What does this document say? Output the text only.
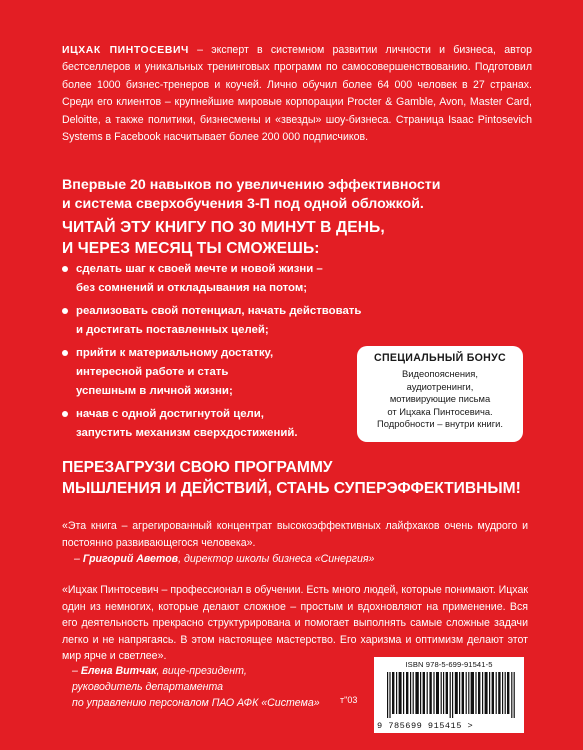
ИЦХАК ПИНТОСЕВИЧ – эксперт в системном развитии личности и бизнеса, автор бестселлеров и уникальных тренинговых программ по самосовершенствованию. Подготовил более 1000 бизнес-тренеров и коучей. Лично обучил более 64 000 человек в 27 странах. Среди его клиентов – крупнейшие мировые корпорации Procter & Gamble, Avon, Master Card, Deloitte, а также политики, бизнесмены и «звезды» шоу-бизнеса. Страница Isaac Pintosevich Systems в Facebook насчитывает более 200 000 подписчиков.
Впервые 20 навыков по увеличению эффективности
и система сверхобучения 3-П под одной обложкой.
ЧИТАЙ ЭТУ КНИГУ ПО 30 МИНУТ В ДЕНЬ,
И ЧЕРЕЗ МЕСЯЦ ТЫ СМОЖЕШЬ:
сделать шаг к своей мечте и новой жизни –
без сомнений и откладывания на потом;
реализовать свой потенциал, начать действовать
и достигать поставленных целей;
прийти к материальному достатку,
интересной работе и стать
успешным в личной жизни;
начав с одной достигнутой цели,
запустить механизм сверхдостижений.
СПЕЦИАЛЬНЫЙ БОНУС
Видеопояснения,
аудиотренинги,
мотивирующие письма
от Ицхака Пинтосевича.
Подробности – внутри книги.
ПЕРЕЗАГРУЗИ СВОЮ ПРОГРАММУ
МЫШЛЕНИЯ И ДЕЙСТВИЙ, СТАНЬ СУПЕРЭФФЕКТИВНЫМ!
«Эта книга – агрегированный концентрат высокоэффективных лайфхаков очень мудрого и постоянно развивающегося человека».
– Григорий Аветов, директор школы бизнеса «Синергия»
«Ицхак Пинтосевич – профессионал в обучении. Есть много людей, которые понимают. Ицхак один из немногих, которые делают сложное – простым и вдохновляют на применение. Вся его деятельность прекрасно структурирована и помогает выполнять самые сложные задачи легко и не напрягаясь. В этом настоящее мастерство. Его харизма и оптимизм делают этот мир ярче и светлее».
– Елена Витчак, вице-президент,
руководитель департамента
по управлению персоналом ПАО АФК «Система»	т"03
ISBN 978-5-699-91541-5
9 785699 915415 >
